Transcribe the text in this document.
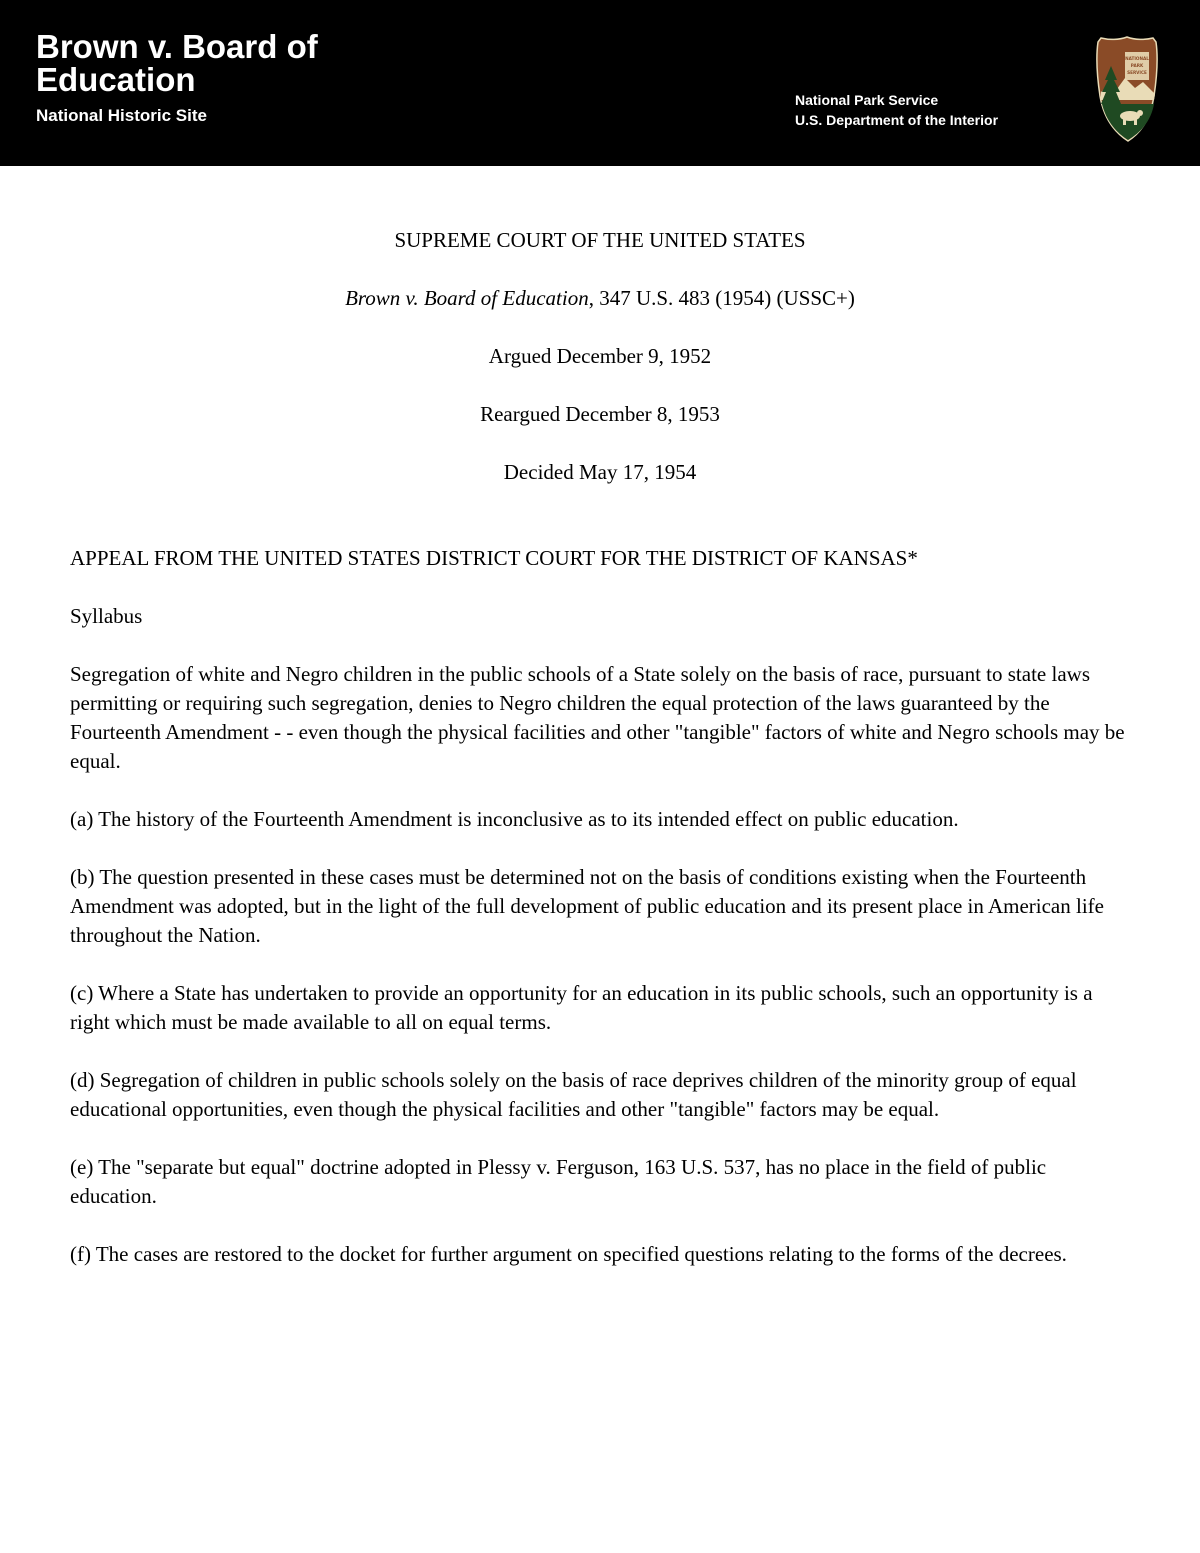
Brown v. Board of Education
National Historic Site
National Park Service
U.S. Department of the Interior
NATIONAL
PARK
SERVICE

SUPREME COURT OF THE UNITED STATES

Brown v. Board of Education, 347 U.S. 483 (1954) (USSC+)

Argued December 9, 1952

Reargued December 8, 1953

Decided May 17, 1954

APPEAL FROM THE UNITED STATES DISTRICT COURT FOR THE DISTRICT OF KANSAS*

Syllabus

Segregation of white and Negro children in the public schools of a State solely on the basis of race, pursuant to state laws permitting or requiring such segregation, denies to Negro children the equal protection of the laws guaranteed by the Fourteenth Amendment - - even though the physical facilities and other "tangible" factors of white and Negro schools may be equal.

(a) The history of the Fourteenth Amendment is inconclusive as to its intended effect on public education.

(b) The question presented in these cases must be determined not on the basis of conditions existing when the Fourteenth Amendment was adopted, but in the light of the full development of public education and its present place in American life throughout the Nation.

(c) Where a State has undertaken to provide an opportunity for an education in its public schools, such an opportunity is a right which must be made available to all on equal terms.

(d) Segregation of children in public schools solely on the basis of race deprives children of the minority group of equal educational opportunities, even though the physical facilities and other "tangible" factors may be equal.

(e) The "separate but equal" doctrine adopted in Plessy v. Ferguson, 163 U.S. 537, has no place in the field of public education.

(f) The cases are restored to the docket for further argument on specified questions relating to the forms of the decrees.
